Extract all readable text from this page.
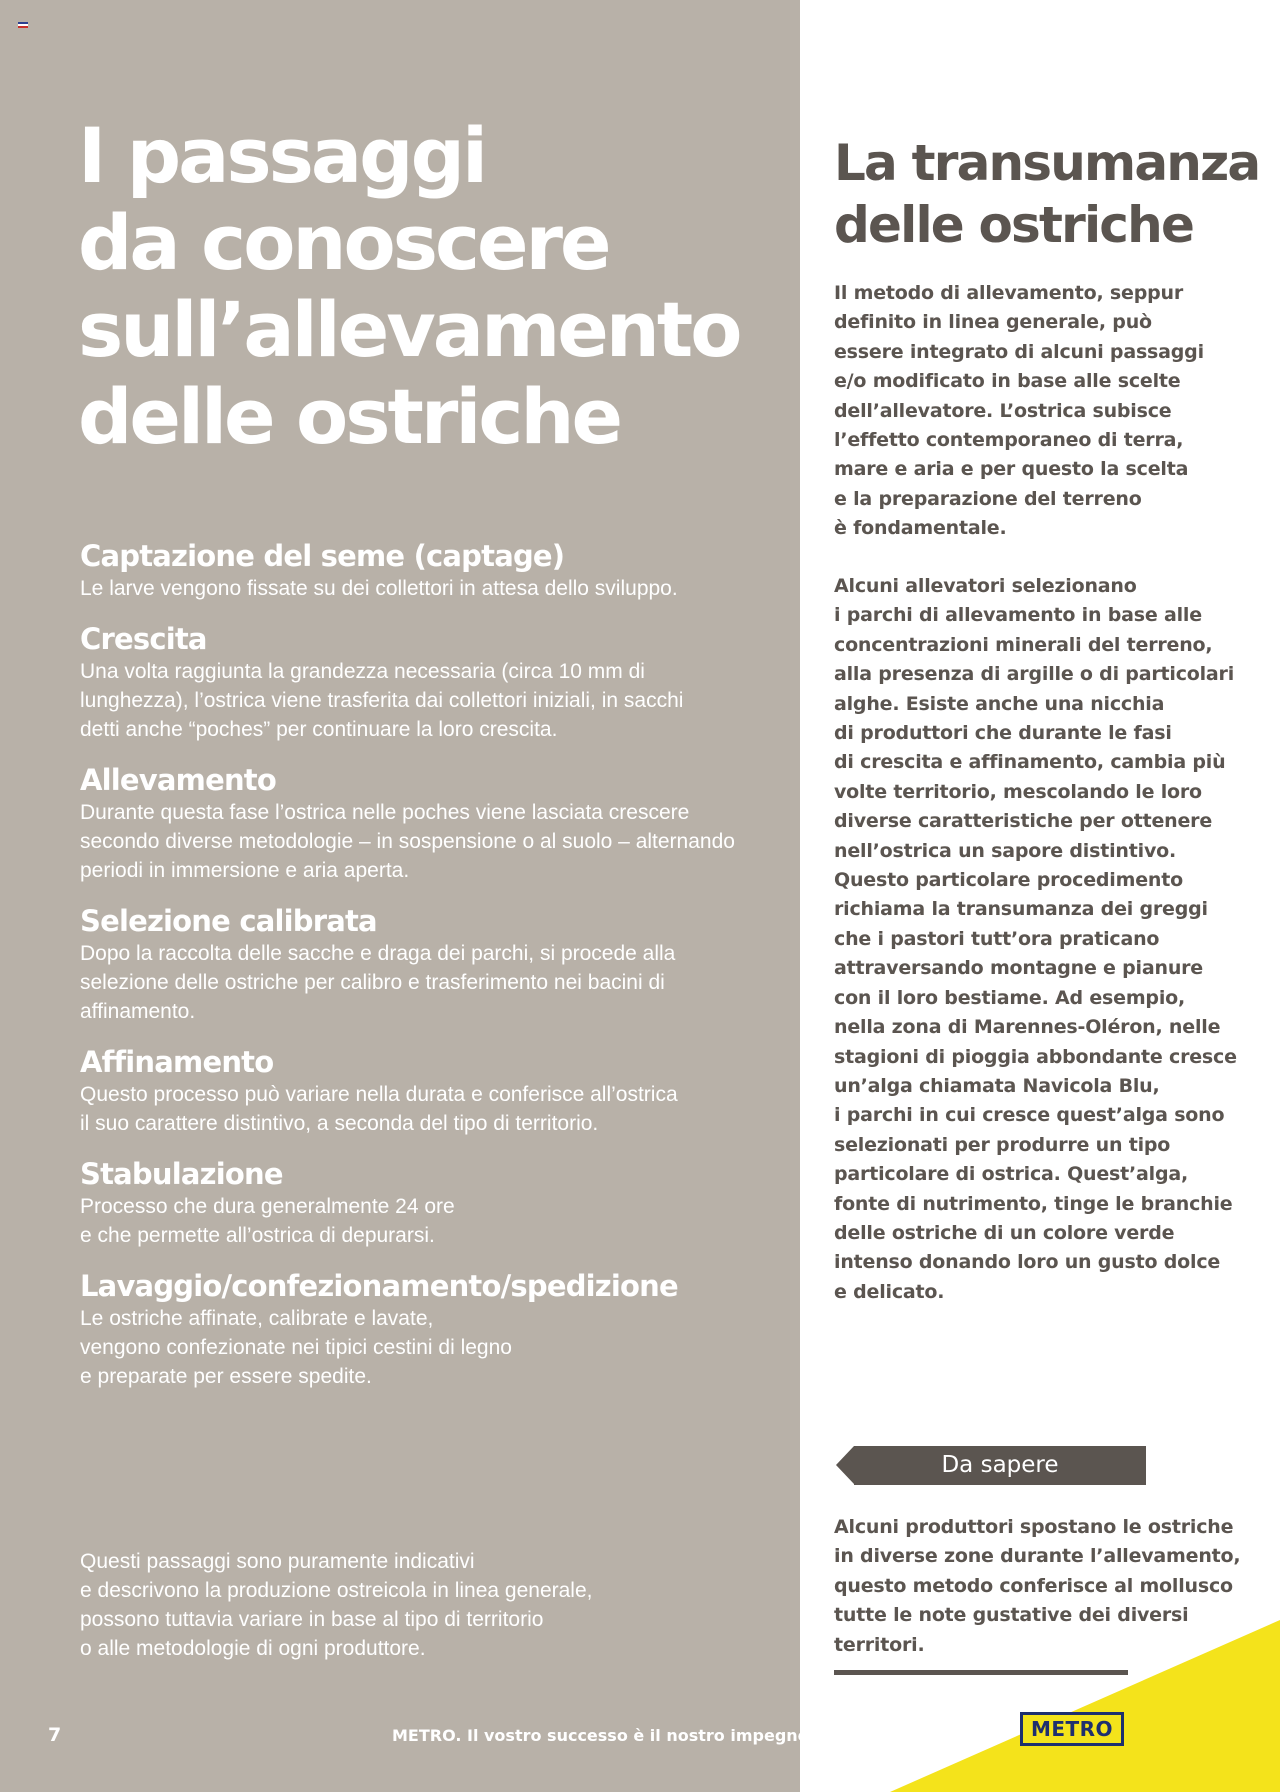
I passaggi
da conoscere
sull’allevamento
delle ostriche
Captazione del seme (captage)

Le larve vengono fissate su dei collettori in attesa dello sviluppo.

Crescita

Una volta raggiunta la grandezza necessaria (circa 10 mm di
lunghezza), l’ostrica viene trasferita dai collettori iniziali, in sacchi
detti anche “poches” per continuare la loro crescita.

Allevamento

Durante questa fase l’ostrica nelle poches viene lasciata crescere
secondo diverse metodologie – in sospensione o al suolo – alternando
periodi in immersione e aria aperta.

Selezione calibrata

Dopo la raccolta delle sacche e draga dei parchi, si procede alla
selezione delle ostriche per calibro e trasferimento nei bacini di
affinamento.

Affinamento

Questo processo può variare nella durata e conferisce all’ostrica
il suo carattere distintivo, a seconda del tipo di territorio.

Stabulazione

Processo che dura generalmente 24 ore
e che permette all’ostrica di depurarsi.

Lavaggio/confezionamento/spedizione

Le ostriche affinate, calibrate e lavate,
vengono confezionate nei tipici cestini di legno
e preparate per essere spedite.

Questi passaggi sono puramente indicativi
e descrivono la produzione ostreicola in linea generale,
possono tuttavia variare in base al tipo di territorio
o alle metodologie di ogni produttore.

7	METRO. Il vostro successo è il nostro impegno
La transumanza
delle ostriche

Il metodo di allevamento, seppur
definito in linea generale, può
essere integrato di alcuni passaggi
e/o modificato in base alle scelte
dell’allevatore. L’ostrica subisce
l’effetto contemporaneo di terra,
mare e aria e per questo la scelta
e la preparazione del terreno
è fondamentale.

Alcuni allevatori selezionano
i parchi di allevamento in base alle
concentrazioni minerali del terreno,
alla presenza di argille o di particolari
alghe. Esiste anche una nicchia
di produttori che durante le fasi
di crescita e affinamento, cambia più
volte territorio, mescolando le loro
diverse caratteristiche per ottenere
nell’ostrica un sapore distintivo.
Questo particolare procedimento
richiama la transumanza dei greggi
che i pastori tutt’ora praticano
attraversando montagne e pianure
con il loro bestiame. Ad esempio,
nella zona di Marennes-Oléron, nelle
stagioni di pioggia abbondante cresce
un’alga chiamata Navicola Blu,
i parchi in cui cresce quest’alga sono
selezionati per produrre un tipo
particolare di ostrica. Quest’alga,
fonte di nutrimento, tinge le branchie
delle ostriche di un colore verde
intenso donando loro un gusto dolce
e delicato.

Da sapere

Alcuni produttori spostano le ostriche
in diverse zone durante l’allevamento,
questo metodo conferisce al mollusco
tutte le note gustative dei diversi
territori.

METRO
